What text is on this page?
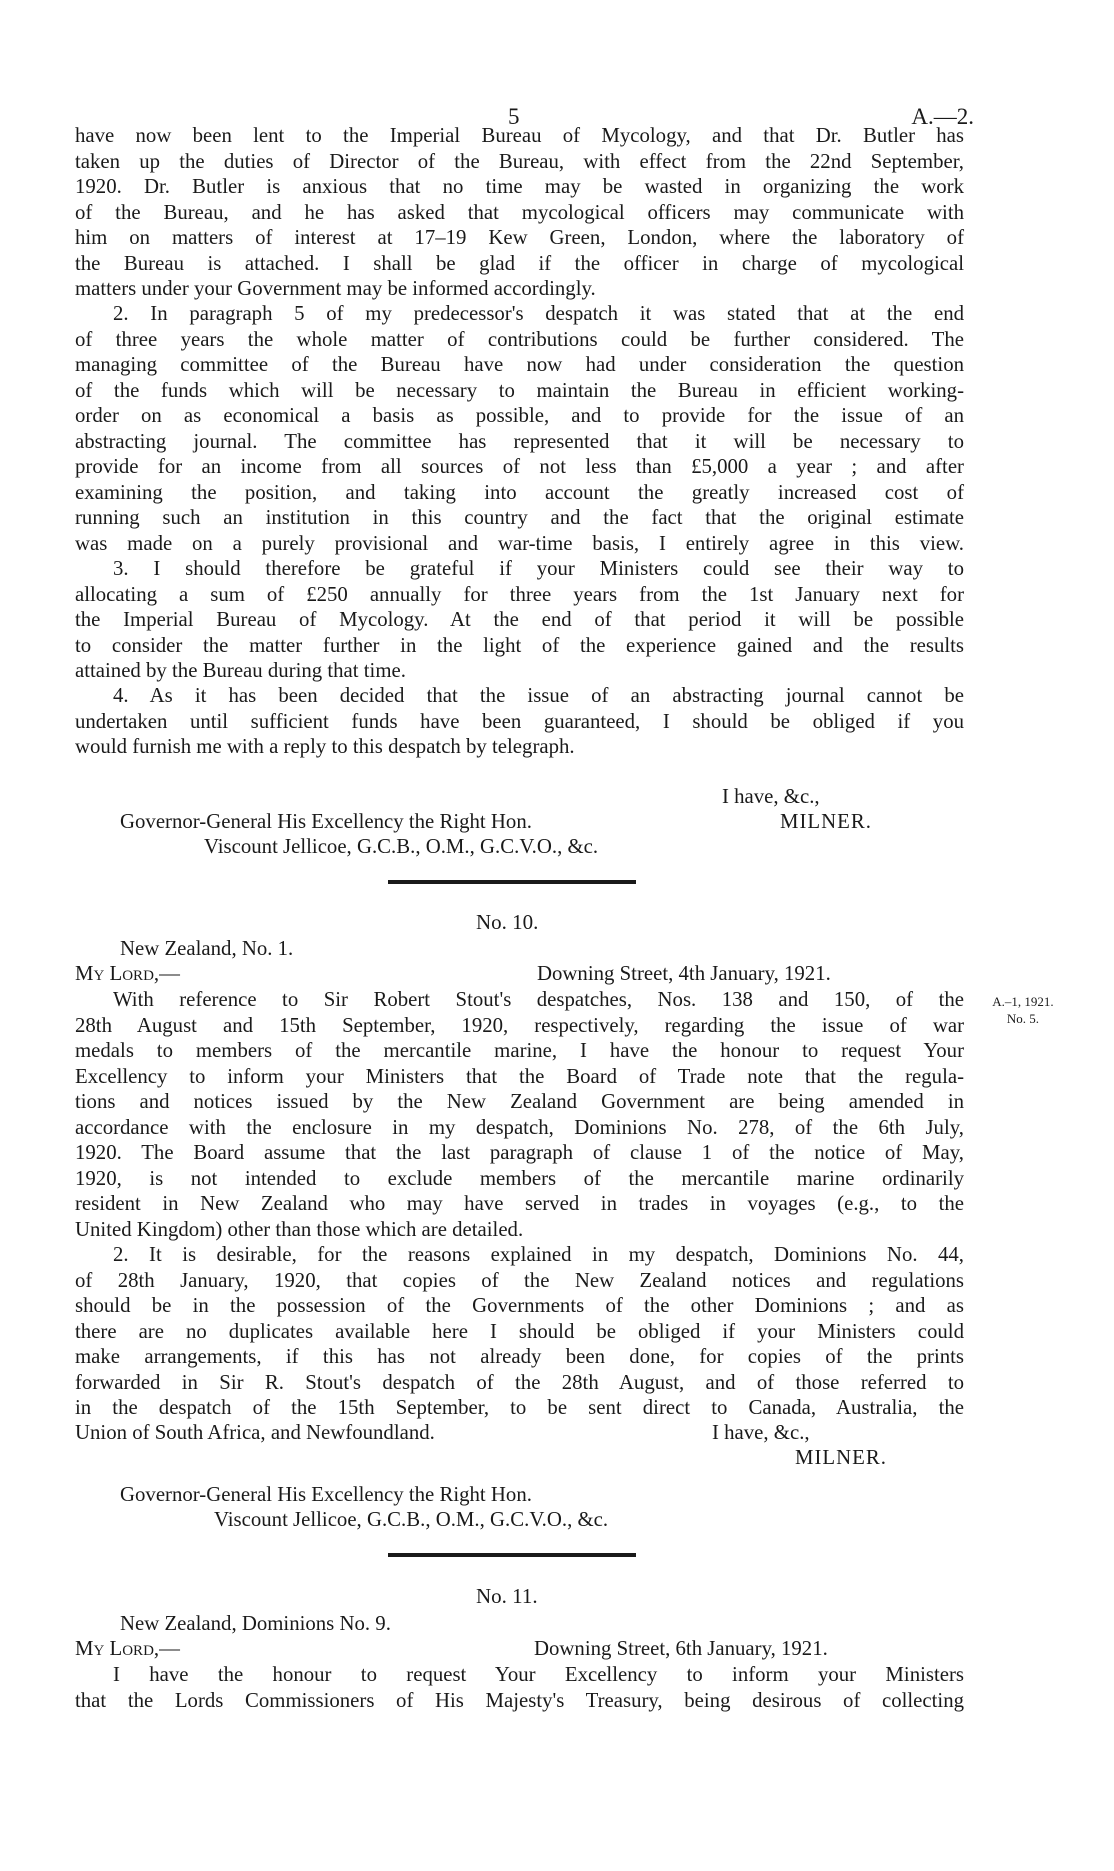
5	A.—2.
have now been lent to the Imperial Bureau of Mycology, and that Dr. Butler has
taken up the duties of Director of the Bureau, with effect from the 22nd September,
1920. Dr. Butler is anxious that no time may be wasted in organizing the work
of the Bureau, and he has asked that mycological officers may communicate with
him on matters of interest at 17–19 Kew Green, London, where the laboratory of
the Bureau is attached. I shall be glad if the officer in charge of mycological
matters under your Government may be informed accordingly.
2. In paragraph 5 of my predecessor's despatch it was stated that at the end
of three years the whole matter of contributions could be further considered. The
managing committee of the Bureau have now had under consideration the question
of the funds which will be necessary to maintain the Bureau in efficient working-
order on as economical a basis as possible, and to provide for the issue of an
abstracting journal. The committee has represented that it will be necessary to
provide for an income from all sources of not less than £5,000 a year ; and after
examining the position, and taking into account the greatly increased cost of
running such an institution in this country and the fact that the original estimate
was made on a purely provisional and war-time basis, I entirely agree in this view.
3. I should therefore be grateful if your Ministers could see their way to
allocating a sum of £250 annually for three years from the 1st January next for
the Imperial Bureau of Mycology. At the end of that period it will be possible
to consider the matter further in the light of the experience gained and the results
attained by the Bureau during that time.
4. As it has been decided that the issue of an abstracting journal cannot be
undertaken until sufficient funds have been guaranteed, I should be obliged if you
would furnish me with a reply to this despatch by telegraph.
I have, &c.,
Governor-General His Excellency the Right Hon.	MILNER.
Viscount Jellicoe, G.C.B., O.M., G.C.V.O., &c.
No. 10.
New Zealand, No. 1.
My Lord,—	Downing Street, 4th January, 1921.
A.–1, 1921.
No. 5.
With reference to Sir Robert Stout's despatches, Nos. 138 and 150, of the
28th August and 15th September, 1920, respectively, regarding the issue of war
medals to members of the mercantile marine, I have the honour to request Your
Excellency to inform your Ministers that the Board of Trade note that the regula-
tions and notices issued by the New Zealand Government are being amended in
accordance with the enclosure in my despatch, Dominions No. 278, of the 6th July,
1920. The Board assume that the last paragraph of clause 1 of the notice of May,
1920, is not intended to exclude members of the mercantile marine ordinarily
resident in New Zealand who may have served in trades in voyages (e.g., to the
United Kingdom) other than those which are detailed.
2. It is desirable, for the reasons explained in my despatch, Dominions No. 44,
of 28th January, 1920, that copies of the New Zealand notices and regulations
should be in the possession of the Governments of the other Dominions ; and as
there are no duplicates available here I should be obliged if your Ministers could
make arrangements, if this has not already been done, for copies of the prints
forwarded in Sir R. Stout's despatch of the 28th August, and of those referred to
in the despatch of the 15th September, to be sent direct to Canada, Australia, the
Union of South Africa, and Newfoundland.	I have, &c.,
MILNER.
Governor-General His Excellency the Right Hon.
Viscount Jellicoe, G.C.B., O.M., G.C.V.O., &c.
No. 11.
New Zealand, Dominions No. 9.
My Lord,—	Downing Street, 6th January, 1921.
I have the honour to request Your Excellency to inform your Ministers
that the Lords Commissioners of His Majesty's Treasury, being desirous of collecting
